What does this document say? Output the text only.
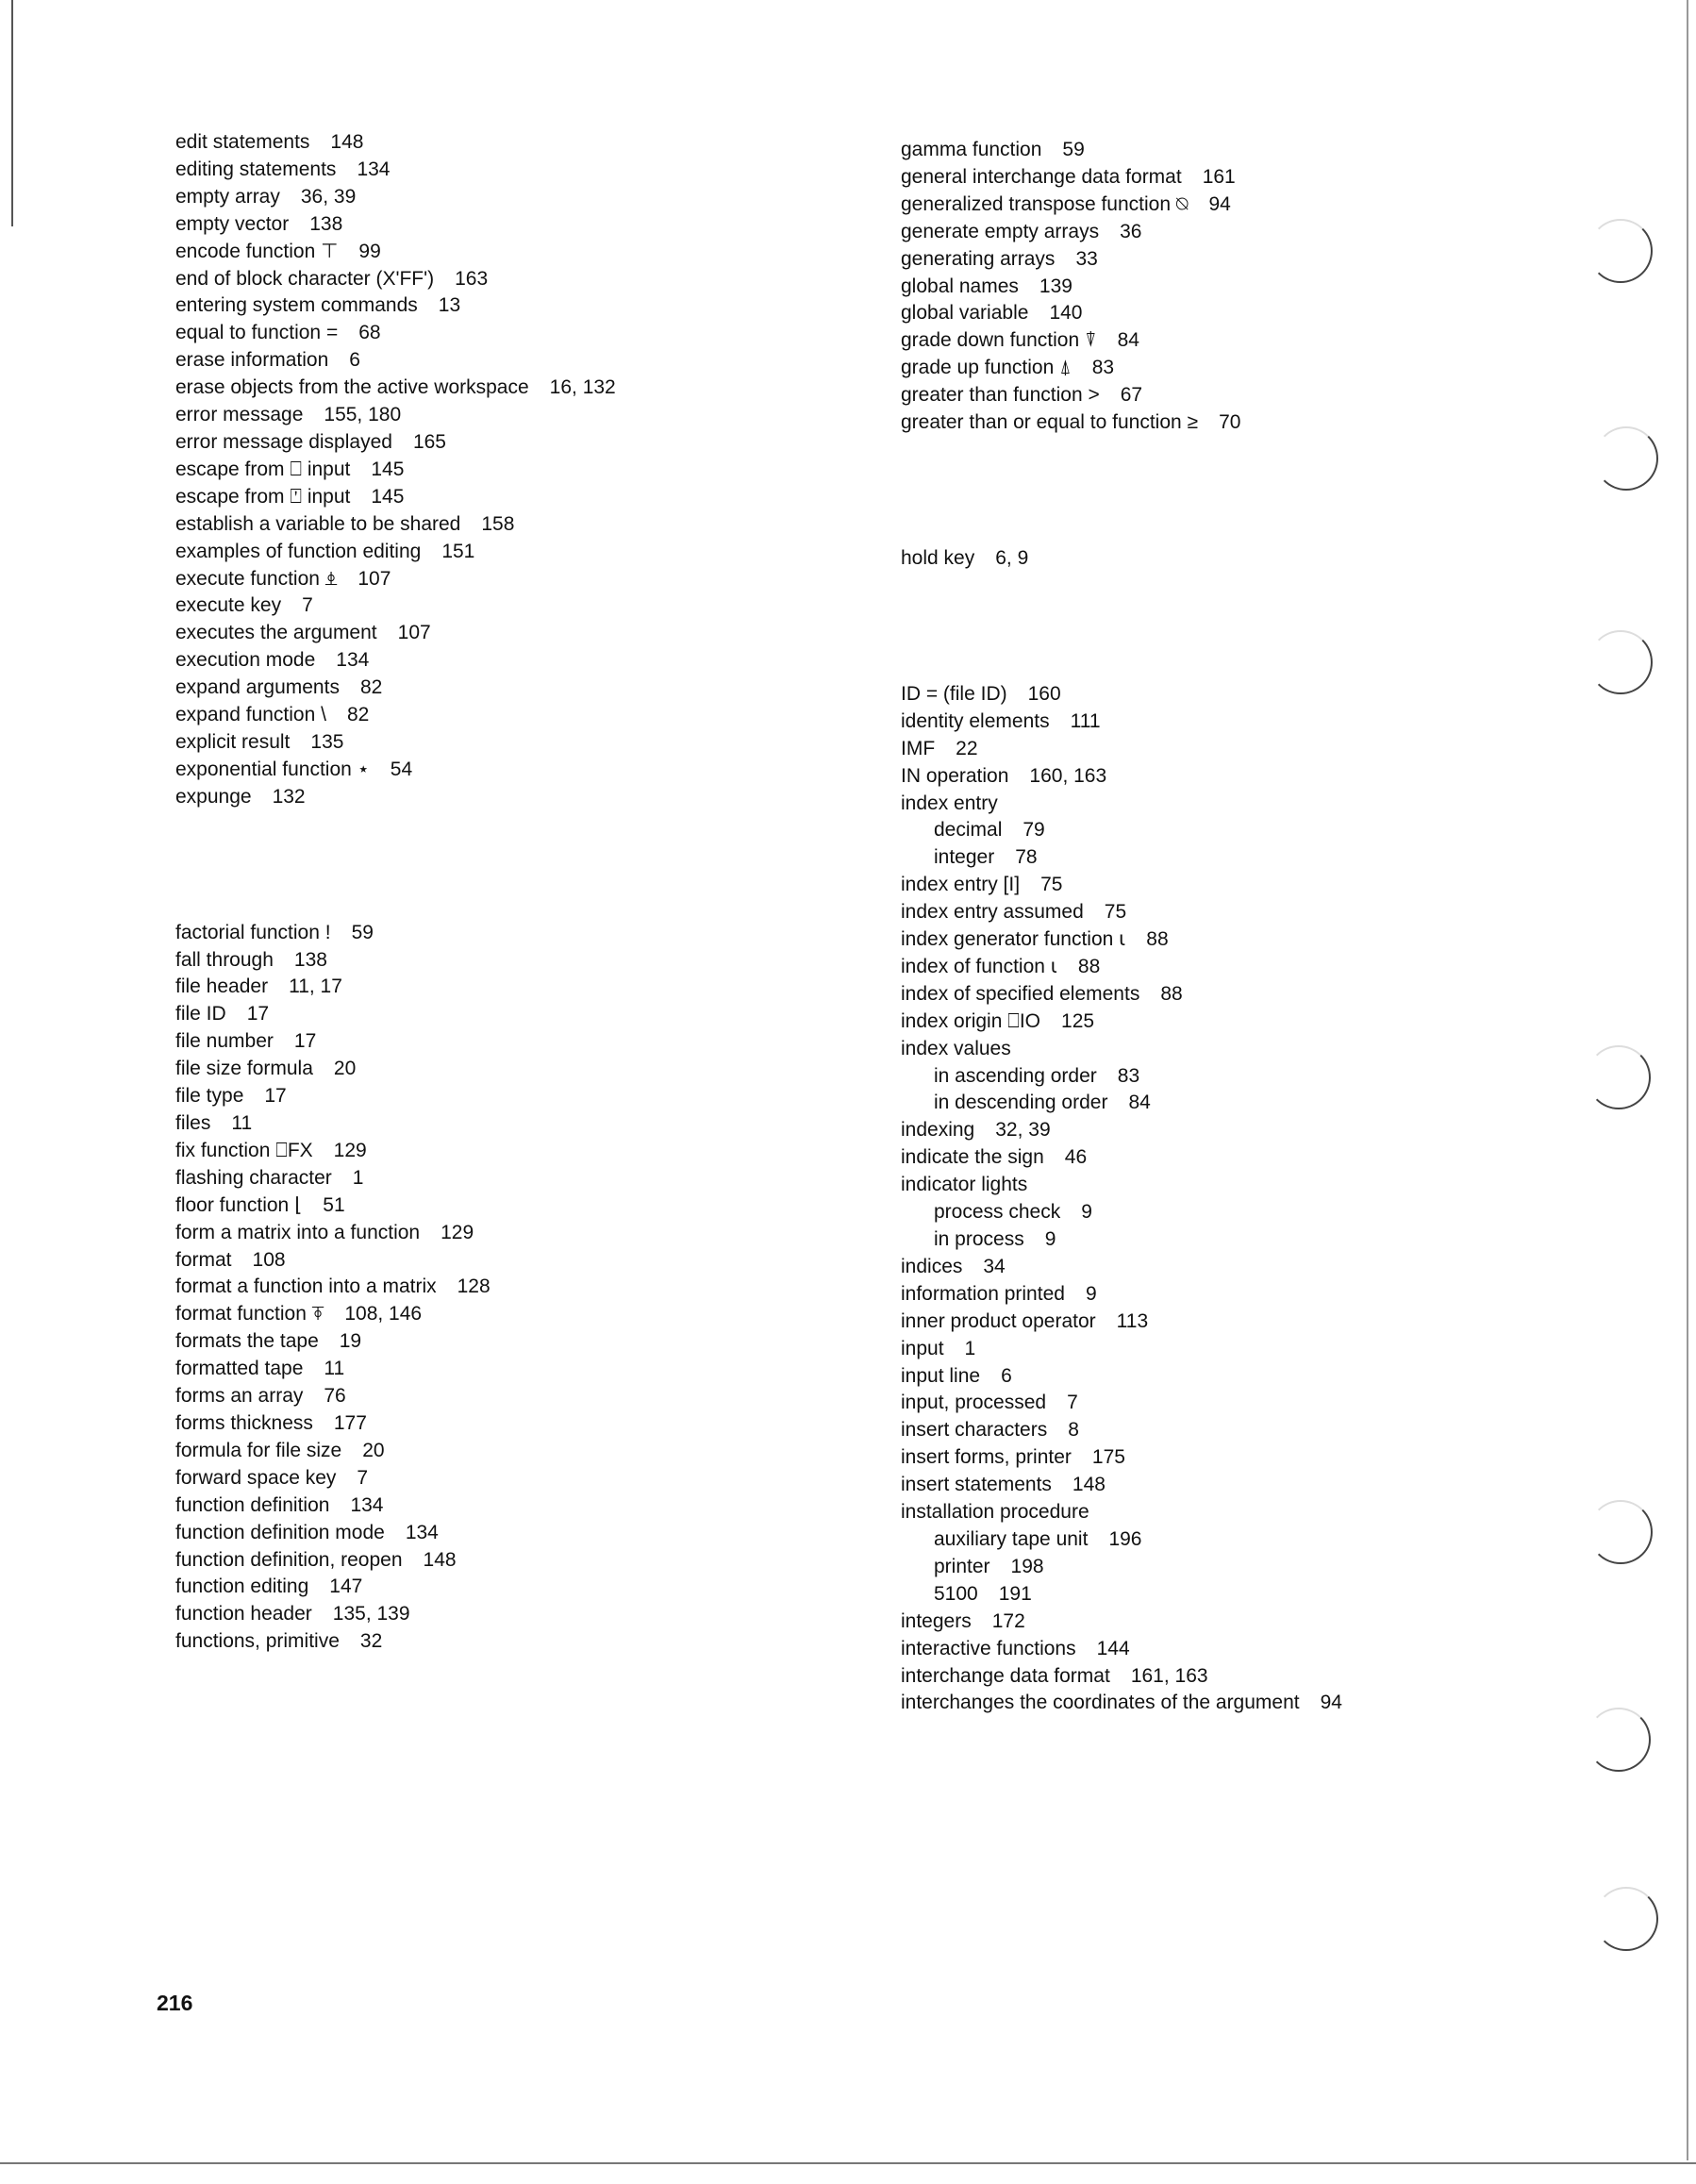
edit statements 148
editing statements 134
empty array 36, 39
empty vector 138
encode function ⊤ 99
end of block character (X'FF') 163
entering system commands 13
equal to function = 68
erase information 6
erase objects from the active workspace 16, 132
error message 155, 180
error message displayed 165
escape from ⎕ input 145
escape from ⍞ input 145
establish a variable to be shared 158
examples of function editing 151
execute function ⍎ 107
execute key 7
executes the argument 107
execution mode 134
expand arguments 82
expand function \ 82
explicit result 135
exponential function ⋆ 54
expunge 132
factorial function ! 59
fall through 138
file header 11, 17
file ID 17
file number 17
file size formula 20
file type 17
files 11
fix function ⎕FX 129
flashing character 1
floor function ⌊ 51
form a matrix into a function 129
format 108
format a function into a matrix 128
format function ⍕ 108, 146
formats the tape 19
formatted tape 11
forms an array 76
forms thickness 177
formula for file size 20
forward space key 7
function definition 134
function definition mode 134
function definition, reopen 148
function editing 147
function header 135, 139
functions, primitive 32
gamma function 59
general interchange data format 161
generalized transpose function ⍉ 94
generate empty arrays 36
generating arrays 33
global names 139
global variable 140
grade down function ⍒ 84
grade up function ⍋ 83
greater than function > 67
greater than or equal to function ≥ 70
hold key 6, 9
ID = (file ID) 160
identity elements 111
IMF 22
IN operation 160, 163
index entry
decimal 79
integer 78
index entry [I] 75
index entry assumed 75
index generator function ⍳ 88
index of function ⍳ 88
index of specified elements 88
index origin ⎕IO 125
index values
in ascending order 83
in descending order 84
indexing 32, 39
indicate the sign 46
indicator lights
process check 9
in process 9
indices 34
information printed 9
inner product operator 113
input 1
input line 6
input, processed 7
insert characters 8
insert forms, printer 175
insert statements 148
installation procedure
auxiliary tape unit 196
printer 198
5100 191
integers 172
interactive functions 144
interchange data format 161, 163
interchanges the coordinates of the argument 94
216
